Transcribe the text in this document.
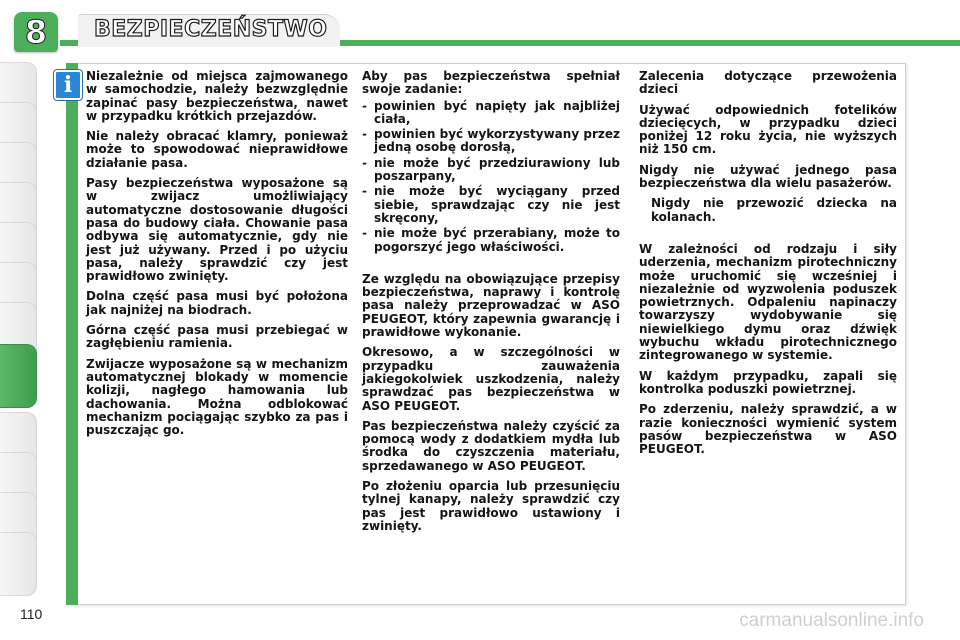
8 BEZPIECZEŃSTWO
i Niezależnie od miejsca zajmowanego w samochodzie, należy bezwzględnie zapinać pasy bezpieczeństwa, nawet w przypadku krótkich przejazdów.

Nie należy obracać klamry, ponieważ może to spowodować nieprawidłowe działanie pasa.

Pasy bezpieczeństwa wyposażone są w zwijacz umożliwiający automatyczne dostosowanie długości pasa do budowy ciała. Chowanie pasa odbywa się automatycznie, gdy nie jest już używany. Przed i po użyciu pasa, należy sprawdzić czy jest prawidłowo zwinięty.

Dolna część pasa musi być położona jak najniżej na biodrach.

Górna część pasa musi przebiegać w zagłębieniu ramienia.

Zwijacze wyposażone są w mechanizm automatycznej blokady w momencie kolizji, nagłego hamowania lub dachowania. Można odblokować mechanizm pociągając szybko za pas i puszczając go.

Aby pas bezpieczeństwa spełniał swoje zadanie:

- powinien być napięty jak najbliżej ciała,
- powinien być wykorzystywany przez jedną osobę dorosłą,
- nie może być przedziurawiony lub poszarpany,
- nie może być wyciągany przed siebie, sprawdzając czy nie jest skręcony,
- nie może być przerabiany, może to pogorszyć jego właściwości.

Ze względu na obowiązujące przepisy bezpieczeństwa, naprawy i kontrolę pasa należy przeprowadzać w ASO PEUGEOT, który zapewnia gwarancję i prawidłowe wykonanie.

Okresowo, a w szczególności w przypadku zauważenia jakiegokolwiek uszkodzenia, należy sprawdzać pas bezpieczeństwa w ASO PEUGEOT.

Pas bezpieczeństwa należy czyścić za pomocą wody z dodatkiem mydła lub środka do czyszczenia materiału, sprzedawanego w ASO PEUGEOT.

Po złożeniu oparcia lub przesunięciu tylnej kanapy, należy sprawdzić czy pas jest prawidłowo ustawiony i zwinięty.

Zalecenia dotyczące przewożenia dzieci

Używać odpowiednich fotelików dziecięcych, w przypadku dzieci poniżej 12 roku życia, nie wyższych niż 150 cm.

Nigdy nie używać jednego pasa bezpieczeństwa dla wielu pasażerów.

Nigdy nie przewozić dziecka na kolanach.

W zależności od rodzaju i siły uderzenia, mechanizm pirotechniczny może uruchomić się wcześniej i niezależnie od wyzwolenia poduszek powietrznych. Odpaleniu napinaczy towarzyszy wydobywanie się niewielkiego dymu oraz dźwięk wybuchu wkładu pirotechnicznego zintegrowanego w systemie.

W każdym przypadku, zapali się kontrolka poduszki powietrznej.

Po zderzeniu, należy sprawdzić, a w razie konieczności wymienić system pasów bezpieczeństwa w ASO PEUGEOT.

110	carmanualsonline.info
